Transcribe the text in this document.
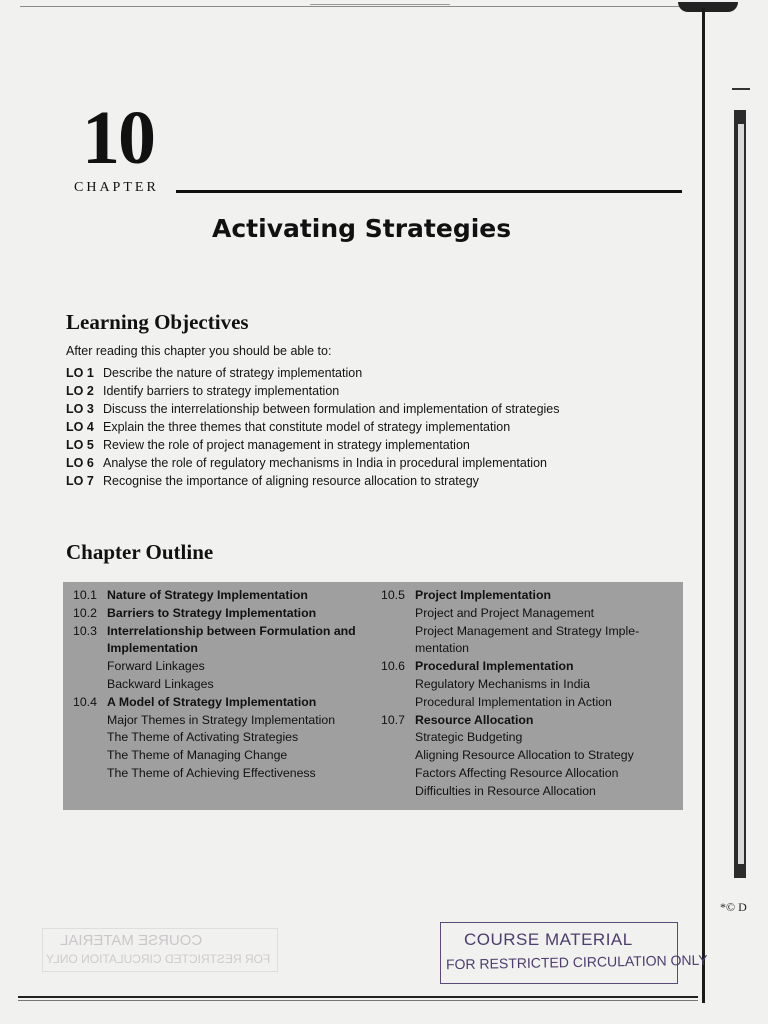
*© D
10
CHAPTER
Activating Strategies
Learning Objectives

After reading this chapter you should be able to:

LO 1 Describe the nature of strategy implementation
LO 2 Identify barriers to strategy implementation
LO 3 Discuss the interrelationship between formulation and implementation of strategies
LO 4 Explain the three themes that constitute model of strategy implementation
LO 5 Review the role of project management in strategy implementation
LO 6 Analyse the role of regulatory mechanisms in India in procedural implementation
LO 7 Recognise the importance of aligning resource allocation to strategy
Chapter Outline
10.1 Nature of Strategy Implementation
10.2 Barriers to Strategy Implementation
10.3 Interrelationship between Formulation and
Implementation
Forward Linkages
Backward Linkages
10.4 A Model of Strategy Implementation
Major Themes in Strategy Implementation
The Theme of Activating Strategies
The Theme of Managing Change
The Theme of Achieving Effectiveness
10.5 Project Implementation
Project and Project Management
Project Management and Strategy Imple-
mentation
10.6 Procedural Implementation
Regulatory Mechanisms in India
Procedural Implementation in Action
10.7 Resource Allocation
Strategic Budgeting
Aligning Resource Allocation to Strategy
Factors Affecting Resource Allocation
Difficulties in Resource Allocation
COURSE MATERIAL
FOR RESTRICTED CIRCULATION ONLY
COURSE MATERIAL
FOR RESTRICTED CIRCULATION ONLY
